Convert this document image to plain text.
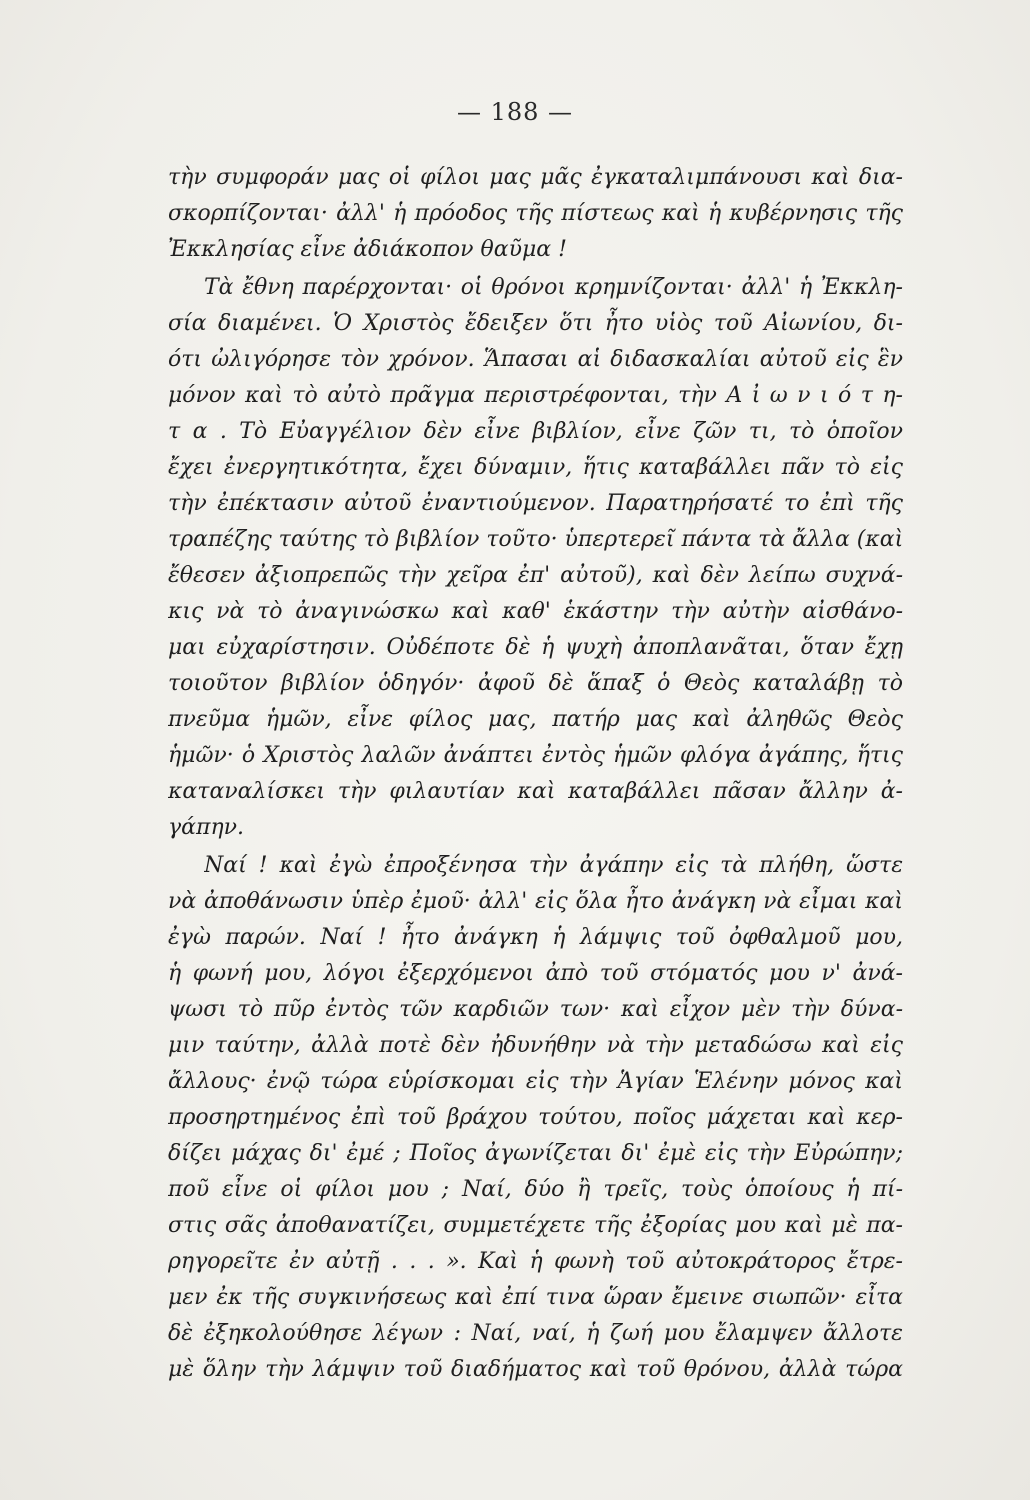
— 188 —
τὴν συμφοράν μας οἱ φίλοι μας μᾶς ἐγκαταλιμπάνουσι καὶ δια-
σκορπίζονται· ἀλλ' ἡ πρόοδος τῆς πίστεως καὶ ἡ κυβέρνησις τῆς
Ἐκκλησίας εἶνε ἀδιάκοπον θαῦμα !
Τὰ ἔθνη παρέρχονται· οἱ θρόνοι κρημνίζονται· ἀλλ' ἡ Ἐκκλη-
σία διαμένει. Ὁ Χριστὸς ἔδειξεν ὅτι ἦτο υἱὸς τοῦ Αἰωνίου, δι-
ότι ὠλιγόρησε τὸν χρόνον. Ἅπασαι αἱ διδασκαλίαι αὐτοῦ εἰς ἓν
μόνον καὶ τὸ αὐτὸ πρᾶγμα περιστρέφονται, τὴν Α ἰ ω ν ι ό τ η-
τ α . Τὸ Εὐαγγέλιον δὲν εἶνε βιβλίον, εἶνε ζῶν τι, τὸ ὁποῖον
ἔχει ἐνεργητικότητα, ἔχει δύναμιν, ἥτις καταβάλλει πᾶν τὸ εἰς
τὴν ἐπέκτασιν αὐτοῦ ἐναντιούμενον. Παρατηρήσατέ το ἐπὶ τῆς
τραπέζης ταύτης τὸ βιβλίον τοῦτο· ὑπερτερεῖ πάντα τὰ ἄλλα (καὶ
ἔθεσεν ἀξιοπρεπῶς τὴν χεῖρα ἐπ' αὐτοῦ), καὶ δὲν λείπω συχνά-
κις νὰ τὸ ἀναγινώσκω καὶ καθ' ἑκάστην τὴν αὐτὴν αἰσθάνο-
μαι εὐχαρίστησιν. Οὐδέποτε δὲ ἡ ψυχὴ ἀποπλανᾶται, ὅταν ἔχῃ
τοιοῦτον βιβλίον ὁδηγόν· ἀφοῦ δὲ ἅπαξ ὁ Θεὸς καταλάβῃ τὸ
πνεῦμα ἡμῶν, εἶνε φίλος μας, πατήρ μας καὶ ἀληθῶς Θεὸς
ἡμῶν· ὁ Χριστὸς λαλῶν ἀνάπτει ἐντὸς ἡμῶν φλόγα ἀγάπης, ἥτις
καταναλίσκει τὴν φιλαυτίαν καὶ καταβάλλει πᾶσαν ἄλλην ἀ-
γάπην.
Ναί ! καὶ ἐγὼ ἐπροξένησα τὴν ἀγάπην εἰς τὰ πλήθη, ὥστε
νὰ ἀποθάνωσιν ὑπὲρ ἐμοῦ· ἀλλ' εἰς ὅλα ἦτο ἀνάγκη νὰ εἶμαι καὶ
ἐγὼ παρών. Ναί ! ἦτο ἀνάγκη ἡ λάμψις τοῦ ὀφθαλμοῦ μου,
ἡ φωνή μου, λόγοι ἐξερχόμενοι ἀπὸ τοῦ στόματός μου ν' ἀνά-
ψωσι τὸ πῦρ ἐντὸς τῶν καρδιῶν των· καὶ εἶχον μὲν τὴν δύνα-
μιν ταύτην, ἀλλὰ ποτὲ δὲν ἠδυνήθην νὰ τὴν μεταδώσω καὶ εἰς
ἄλλους· ἐνῷ τώρα εὑρίσκομαι εἰς τὴν Ἁγίαν Ἑλένην μόνος καὶ
προσηρτημένος ἐπὶ τοῦ βράχου τούτου, ποῖος μάχεται καὶ κερ-
δίζει μάχας δι' ἐμέ ; Ποῖος ἀγωνίζεται δι' ἐμὲ εἰς τὴν Εὐρώπην;
ποῦ εἶνε οἱ φίλοι μου ; Ναί, δύο ἢ τρεῖς, τοὺς ὁποίους ἡ πί-
στις σᾶς ἀποθανατίζει, συμμετέχετε τῆς ἐξορίας μου καὶ μὲ πα-
ρηγορεῖτε ἐν αὐτῇ . . . ». Καὶ ἡ φωνὴ τοῦ αὐτοκράτορος ἔτρε-
μεν ἐκ τῆς συγκινήσεως καὶ ἐπί τινα ὥραν ἔμεινε σιωπῶν· εἶτα
δὲ ἐξηκολούθησε λέγων : Ναί, ναί, ἡ ζωή μου ἔλαμψεν ἄλλοτε
μὲ ὅλην τὴν λάμψιν τοῦ διαδήματος καὶ τοῦ θρόνου, ἀλλὰ τώρα
